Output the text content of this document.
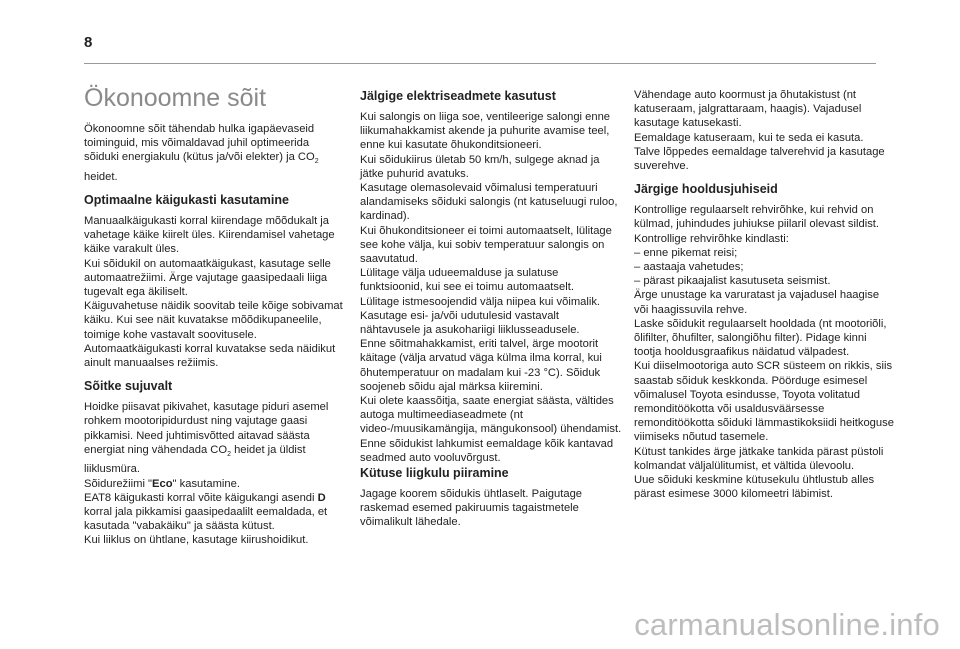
8
Ökonoomne sõit

Ökonoomne sõit tähendab hulka igapäevaseid toiminguid, mis võimaldavad juhil optimeerida sõiduki energiakulu (kütus ja/või elekter) ja $CO_2$ heidet.

Optimaalne käigukasti kasutamine

Manuaalkäigukasti korral kiirendage mõõdukalt ja vahetage käike kiirelt üles. Kiirendamisel vahetage käike varakult üles.
Kui sõidukil on automaatkäigukast, kasutage selle automaatrežiimi. Ärge vajutage gaasipedaali liiga tugevalt ega äkiliselt.
Käiguvahetuse näidik soovitab teile kõige sobivamat käiku. Kui see näit kuvatakse mõõdikupaneelile, toimige kohe vastavalt soovitusele.
Automaatkäigukasti korral kuvatakse seda näidikut ainult manuaalses režiimis.

Sõitke sujuvalt

Hoidke piisavat pikivahet, kasutage piduri asemel rohkem mootoripidurdust ning vajutage gaasi pikkamisi. Need juhtimisvõtted aitavad säästa energiat ning vähendada $CO_2$ heidet ja üldist liiklusmüra.
Sõidurežiimi "Eco" kasutamine.
EAT8 käigukasti korral võite käigukangi asendi D korral jala pikkamisi gaasipedaalilt eemaldada, et kasutada "vabakäiku" ja säästa kütust.
Kui liiklus on ühtlane, kasutage kiirushoidikut.

Jälgige elektriseadmete kasutust

Kui salongis on liiga soe, ventileerige salongi enne liikumahakkamist akende ja puhurite avamise teel, enne kui kasutate õhukonditsioneeri.
Kui sõidukiirus ületab 50 km/h, sulgege aknad ja jätke puhurid avatuks.
Kasutage olemasolevaid võimalusi temperatuuri alandamiseks sõiduki salongis (nt katuseluugi ruloo, kardinad).
Kui õhukonditsioneer ei toimi automaatselt, lülitage see kohe välja, kui sobiv temperatuur salongis on saavutatud.
Lülitage välja udueemalduse ja sulatuse funktsioonid, kui see ei toimu automaatselt.
Lülitage istmesoojendid välja niipea kui võimalik.
Kasutage esi- ja/või udutulesid vastavalt nähtavusele ja asukohariigi liiklusseadusele.
Enne sõitmahakkamist, eriti talvel, ärge mootorit käitage (välja arvatud väga külma ilma korral, kui õhutemperatuur on madalam kui -23 °C). Sõiduk soojeneb sõidu ajal märksa kiiremini.
Kui olete kaassõitja, saate energiat säästa, vältides autoga multimeediaseadmete (nt video-/muusikamängija, mängukonsool) ühendamist.
Enne sõidukist lahkumist eemaldage kõik kantavad seadmed auto vooluvõrgust.

Kütuse liigkulu piiramine

Jagage koorem sõidukis ühtlaselt. Paigutage raskemad esemed pakiruumis tagaistmetele võimalikult lähedale.

Vähendage auto koormust ja õhutakistust (nt katuseraam, jalgrattaraam, haagis). Vajadusel kasutage katusekasti.
Eemaldage katuseraam, kui te seda ei kasuta.
Talve lõppedes eemaldage talverehvid ja kasutage suverehve.

Järgige hooldusjuhiseid

Kontrollige regulaarselt rehvirõhke, kui rehvid on külmad, juhindudes juhiukse piilaril olevast sildist.
Kontrollige rehvirõhke kindlasti:
– enne pikemat reisi;
– aastaaja vahetudes;
– pärast pikaajalist kasutuseta seismist.
Ärge unustage ka varuratast ja vajadusel haagise või haagissuvila rehve.
Laske sõidukit regulaarselt hooldada (nt mootoriõli, õlifilter, õhufilter, salongiõhu filter). Pidage kinni tootja hooldusgraafikus näidatud välpadest.
Kui diiselmootoriga auto SCR süsteem on rikkis, siis saastab sõiduk keskkonda. Pöörduge esimesel võimalusel Toyota esindusse, Toyota volitatud remonditöökotta või usaldusväärsesse remonditöökotta sõiduki lämmastikoksiidi heitkoguse viimiseks nõutud tasemele.
Kütust tankides ärge jätkake tankida pärast püstoli kolmandat väljalülitumist, et vältida ülevoolu.
Uue sõiduki keskmine kütusekulu ühtlustub alles pärast esimese 3000 kilomeetri läbimist.

carmanualsonline.info
